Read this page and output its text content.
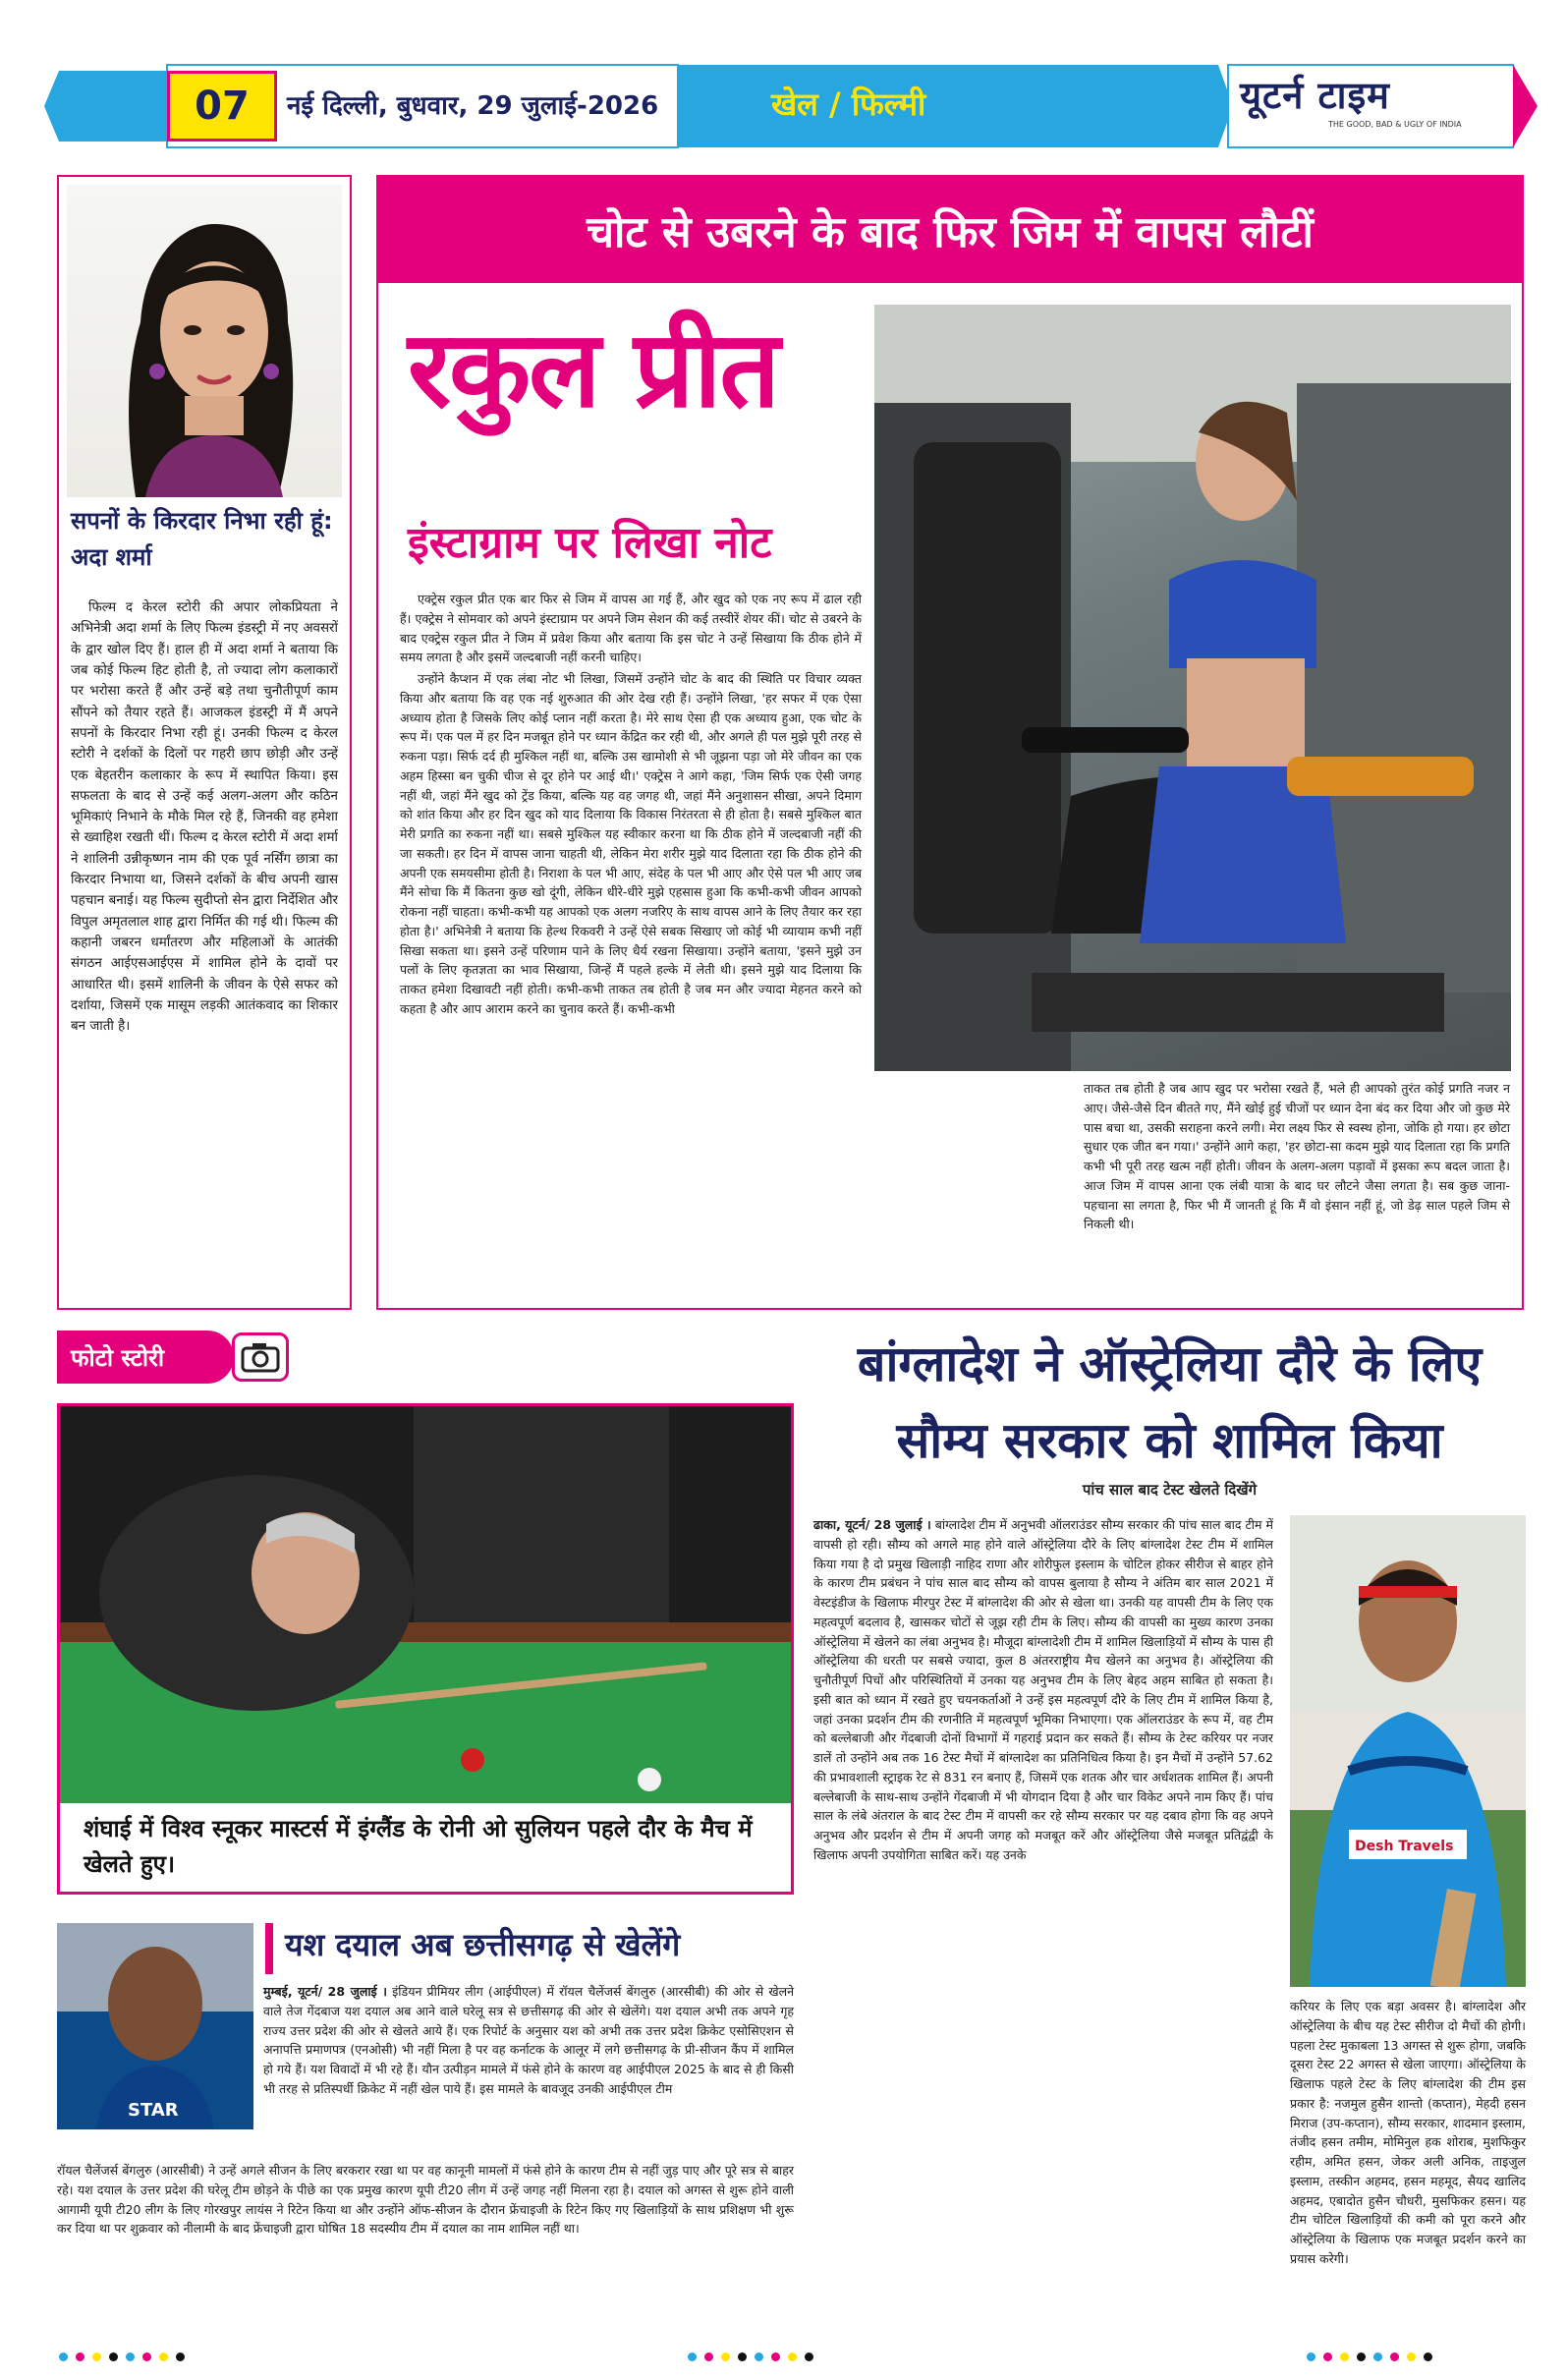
07 नई दिल्ली, बुधवार, 29 जुलाई-2026	खेल / फिल्मी	यूटर्न टाइम
THE GOOD, BAD & UGLY OF INDIA
सपनों के किरदार निभा रही हूं: अदा शर्मा

फिल्म द केरल स्टोरी की अपार लोकप्रियता ने अभिनेत्री अदा शर्मा के लिए फिल्म इंडस्ट्री में नए अवसरों के द्वार खोल दिए हैं। हाल ही में अदा शर्मा ने बताया कि जब कोई फिल्म हिट होती है, तो ज्यादा लोग कलाकारों पर भरोसा करते हैं और उन्हें बड़े तथा चुनौतीपूर्ण काम सौंपने को तैयार रहते हैं। आजकल इंडस्ट्री में मैं अपने सपनों के किरदार निभा रही हूं। उनकी फिल्म द केरल स्टोरी ने दर्शकों के दिलों पर गहरी छाप छोड़ी और उन्हें एक बेहतरीन कलाकार के रूप में स्थापित किया। इस सफलता के बाद से उन्हें कई अलग-अलग और कठिन भूमिकाएं निभाने के मौके मिल रहे हैं, जिनकी वह हमेशा से ख्वाहिश रखती थीं। फिल्म द केरल स्टोरी में अदा शर्मा ने शालिनी उन्नीकृष्णन नाम की एक पूर्व नर्सिंग छात्रा का किरदार निभाया था, जिसने दर्शकों के बीच अपनी खास पहचान बनाई। यह फिल्म सुदीप्तो सेन द्वारा निर्देशित और विपुल अमृतलाल शाह द्वारा निर्मित की गई थी। फिल्म की कहानी जबरन धर्मांतरण और महिलाओं के आतंकी संगठन आईएसआईएस में शामिल होने के दावों पर आधारित थी। इसमें शालिनी के जीवन के ऐसे सफर को दर्शाया, जिसमें एक मासूम लड़की आतंकवाद का शिकार बन जाती है।

चोट से उबरने के बाद फिर जिम में वापस लौटीं
रकुल प्रीत
इंस्टाग्राम पर लिखा नोट

एक्ट्रेस रकुल प्रीत एक बार फिर से जिम में वापस आ गई हैं, और खुद को एक नए रूप में ढाल रही हैं। एक्ट्रेस ने सोमवार को अपने इंस्टाग्राम पर अपने जिम सेशन की कई तस्वीरें शेयर कीं। चोट से उबरने के बाद एक्ट्रेस रकुल प्रीत ने जिम में प्रवेश किया और बताया कि इस चोट ने उन्हें सिखाया कि ठीक होने में समय लगता है और इसमें जल्दबाजी नहीं करनी चाहिए।

उन्होंने कैप्शन में एक लंबा नोट भी लिखा, जिसमें उन्होंने चोट के बाद की स्थिति पर विचार व्यक्त किया और बताया कि वह एक नई शुरुआत की ओर देख रही हैं। उन्होंने लिखा, 'हर सफर में एक ऐसा अध्याय होता है जिसके लिए कोई प्लान नहीं करता है। मेरे साथ ऐसा ही एक अध्याय हुआ, एक चोट के रूप में। एक पल में हर दिन मजबूत होने पर ध्यान केंद्रित कर रही थी, और अगले ही पल मुझे पूरी तरह से रुकना पड़ा। सिर्फ दर्द ही मुश्किल नहीं था, बल्कि उस खामोशी से भी जूझना पड़ा जो मेरे जीवन का एक अहम हिस्सा बन चुकी चीज से दूर होने पर आई थी।' एक्ट्रेस ने आगे कहा, 'जिम सिर्फ एक ऐसी जगह नहीं थी, जहां मैंने खुद को ट्रेंड किया, बल्कि यह वह जगह थी, जहां मैंने अनुशासन सीखा, अपने दिमाग को शांत किया और हर दिन खुद को याद दिलाया कि विकास निरंतरता से ही होता है। सबसे मुश्किल बात मेरी प्रगति का रुकना नहीं था। सबसे मुश्किल यह स्वीकार करना था कि ठीक होने में जल्दबाजी नहीं की जा सकती। हर दिन में वापस जाना चाहती थी, लेकिन मेरा शरीर मुझे याद दिलाता रहा कि ठीक होने की अपनी एक समयसीमा होती है। निराशा के पल भी आए, संदेह के पल भी आए और ऐसे पल भी आए जब मैंने सोचा कि मैं कितना कुछ खो दूंगी, लेकिन धीरे-धीरे मुझे एहसास हुआ कि कभी-कभी जीवन आपको रोकना नहीं चाहता। कभी-कभी यह आपको एक अलग नजरिए के साथ वापस आने के लिए तैयार कर रहा होता है।' अभिनेत्री ने बताया कि हेल्थ रिकवरी ने उन्हें ऐसे सबक सिखाए जो कोई भी व्यायाम कभी नहीं सिखा सकता था। इसने उन्हें परिणाम पाने के लिए धैर्य रखना सिखाया। उन्होंने बताया, 'इसने मुझे उन पलों के लिए कृतज्ञता का भाव सिखाया, जिन्हें मैं पहले हल्के में लेती थी। इसने मुझे याद दिलाया कि ताकत हमेशा दिखावटी नहीं होती। कभी-कभी ताकत तब होती है जब मन और ज्यादा मेहनत करने को कहता है और आप आराम करने का चुनाव करते हैं। कभी-कभी

ताकत तब होती है जब आप खुद पर भरोसा रखते हैं, भले ही आपको तुरंत कोई प्रगति नजर न आए। जैसे-जैसे दिन बीतते गए, मैंने खोई हुई चीजों पर ध्यान देना बंद कर दिया और जो कुछ मेरे पास बचा था, उसकी सराहना करने लगी। मेरा लक्ष्य फिर से स्वस्थ होना, जोकि हो गया। हर छोटा सुधार एक जीत बन गया।' उन्होंने आगे कहा, 'हर छोटा-सा कदम मुझे याद दिलाता रहा कि प्रगति कभी भी पूरी तरह खत्म नहीं होती। जीवन के अलग-अलग पड़ावों में इसका रूप बदल जाता है। आज जिम में वापस आना एक लंबी यात्रा के बाद घर लौटने जैसा लगता है। सब कुछ जाना-पहचाना सा लगता है, फिर भी मैं जानती हूं कि मैं वो इंसान नहीं हूं, जो डेढ़ साल पहले जिम से निकली थी।

फोटो स्टोरी
शंघाई में विश्व स्नूकर मास्टर्स में इंग्लैंड के रोनी ओ सुलियन पहले दौर के मैच में खेलते हुए।
STAR
यश दयाल अब छत्तीसगढ़ से खेलेंगे

मुम्बई, यूटर्न/ 28 जुलाई । इंडियन प्रीमियर लीग (आईपीएल) में रॉयल चैलेंजर्स बेंगलुरु (आरसीबी) की ओर से खेलने वाले तेज गेंदबाज यश दयाल अब आने वाले घरेलू सत्र से छत्तीसगढ़ की ओर से खेलेंगे। यश दयाल अभी तक अपने गृह राज्य उत्तर प्रदेश की ओर से खेलते आये हैं। एक रिपोर्ट के अनुसार यश को अभी तक उत्तर प्रदेश क्रिकेट एसोसिएशन से अनापत्ति प्रमाणपत्र (एनओसी) भी नहीं मिला है पर वह कर्नाटक के आलूर में लगे छत्तीसगढ़ के प्री-सीजन कैंप में शामिल हो गये हैं। यश विवादों में भी रहे हैं। यौन उत्पीड़न मामले में फंसे होने के कारण वह आईपीएल 2025 के बाद से ही किसी भी तरह से प्रतिस्पर्धी क्रिकेट में नहीं खेल पाये हैं। इस मामले के बावजूद उनकी आईपीएल टीम

रॉयल चैलेंजर्स बेंगलुरु (आरसीबी) ने उन्हें अगले सीजन के लिए बरकरार रखा था पर वह कानूनी मामलों में फंसे होने के कारण टीम से नहीं जुड़ पाए और पूरे सत्र से बाहर रहे। यश दयाल के उत्तर प्रदेश की घरेलू टीम छोड़ने के पीछे का एक प्रमुख कारण यूपी टी20 लीग में उन्हें जगह नहीं मिलना रहा है। दयाल को अगस्त से शुरू होने वाली आगामी यूपी टी20 लीग के लिए गोरखपुर लायंस ने रिटेन किया था और उन्होंने ऑफ-सीजन के दौरान फ्रेंचाइजी के रिटेन किए गए खिलाड़ियों के साथ प्रशिक्षण भी शुरू कर दिया था पर शुक्रवार को नीलामी के बाद फ्रेंचाइजी द्वारा घोषित 18 सदस्यीय टीम में दयाल का नाम शामिल नहीं था।

बांग्लादेश ने ऑस्ट्रेलिया दौरे के लिए
सौम्य सरकार को शामिल किया
पांच साल बाद टेस्ट खेलते दिखेंगे

ढाका, यूटर्न/ 28 जुलाई । बांग्लादेश टीम में अनुभवी ऑलराउंडर सौम्य सरकार की पांच साल बाद टीम में वापसी हो रही। सौम्य को अगले माह होने वाले ऑस्ट्रेलिया दौरे के लिए बांग्लादेश टेस्ट टीम में शामिल किया गया है दो प्रमुख खिलाड़ी नाहिद राणा और शोरीफुल इस्लाम के चोटिल होकर सीरीज से बाहर होने के कारण टीम प्रबंधन ने पांच साल बाद सौम्य को वापस बुलाया है सौम्य ने अंतिम बार साल 2021 में वेस्टइंडीज के खिलाफ मीरपुर टेस्ट में बांग्लादेश की ओर से खेला था। उनकी यह वापसी टीम के लिए एक महत्वपूर्ण बदलाव है, खासकर चोटों से जूझ रही टीम के लिए। सौम्य की वापसी का मुख्य कारण उनका ऑस्ट्रेलिया में खेलने का लंबा अनुभव है। मौजूदा बांग्लादेशी टीम में शामिल खिलाड़ियों में सौम्य के पास ही ऑस्ट्रेलिया की धरती पर सबसे ज्यादा, कुल 8 अंतरराष्ट्रीय मैच खेलने का अनुभव है। ऑस्ट्रेलिया की चुनौतीपूर्ण पिचों और परिस्थितियों में उनका यह अनुभव टीम के लिए बेहद अहम साबित हो सकता है। इसी बात को ध्यान में रखते हुए चयनकर्ताओं ने उन्हें इस महत्वपूर्ण दौरे के लिए टीम में शामिल किया है, जहां उनका प्रदर्शन टीम की रणनीति में महत्वपूर्ण भूमिका निभाएगा। एक ऑलराउंडर के रूप में, वह टीम को बल्लेबाजी और गेंदबाजी दोनों विभागों में गहराई प्रदान कर सकते हैं। सौम्य के टेस्ट करियर पर नजर डालें तो उन्होंने अब तक 16 टेस्ट मैचों में बांग्लादेश का प्रतिनिधित्व किया है। इन मैचों में उन्होंने 57.62 की प्रभावशाली स्ट्राइक रेट से 831 रन बनाए हैं, जिसमें एक शतक और चार अर्धशतक शामिल हैं। अपनी बल्लेबाजी के साथ-साथ उन्होंने गेंदबाजी में भी योगदान दिया है और चार विकेट अपने नाम किए हैं। पांच साल के लंबे अंतराल के बाद टेस्ट टीम में वापसी कर रहे सौम्य सरकार पर यह दबाव होगा कि वह अपने अनुभव और प्रदर्शन से टीम में अपनी जगह को मजबूत करें और ऑस्ट्रेलिया जैसे मजबूत प्रतिद्वंद्वी के खिलाफ अपनी उपयोगिता साबित करें। यह उनके

Desh Travels

करियर के लिए एक बड़ा अवसर है। बांग्लादेश और ऑस्ट्रेलिया के बीच यह टेस्ट सीरीज दो मैचों की होगी। पहला टेस्ट मुकाबला 13 अगस्त से शुरू होगा, जबकि दूसरा टेस्ट 22 अगस्त से खेला जाएगा। ऑस्ट्रेलिया के खिलाफ पहले टेस्ट के लिए बांग्लादेश की टीम इस प्रकार है: नजमुल हुसैन शान्तो (कप्तान), मेहदी हसन मिराज (उप-कप्तान), सौम्य सरकार, शादमान इस्लाम, तंजीद हसन तमीम, मोमिनुल हक शोराब, मुशफिकुर रहीम, अमित हसन, जेकर अली अनिक, ताइजुल इस्लाम, तस्कीन अहमद, हसन महमूद, सैयद खालिद अहमद, एबादोत हुसैन चौधरी, मुसफिकर हसन। यह टीम चोटिल खिलाड़ियों की कमी को पूरा करने और ऑस्ट्रेलिया के खिलाफ एक मजबूत प्रदर्शन करने का प्रयास करेगी।
